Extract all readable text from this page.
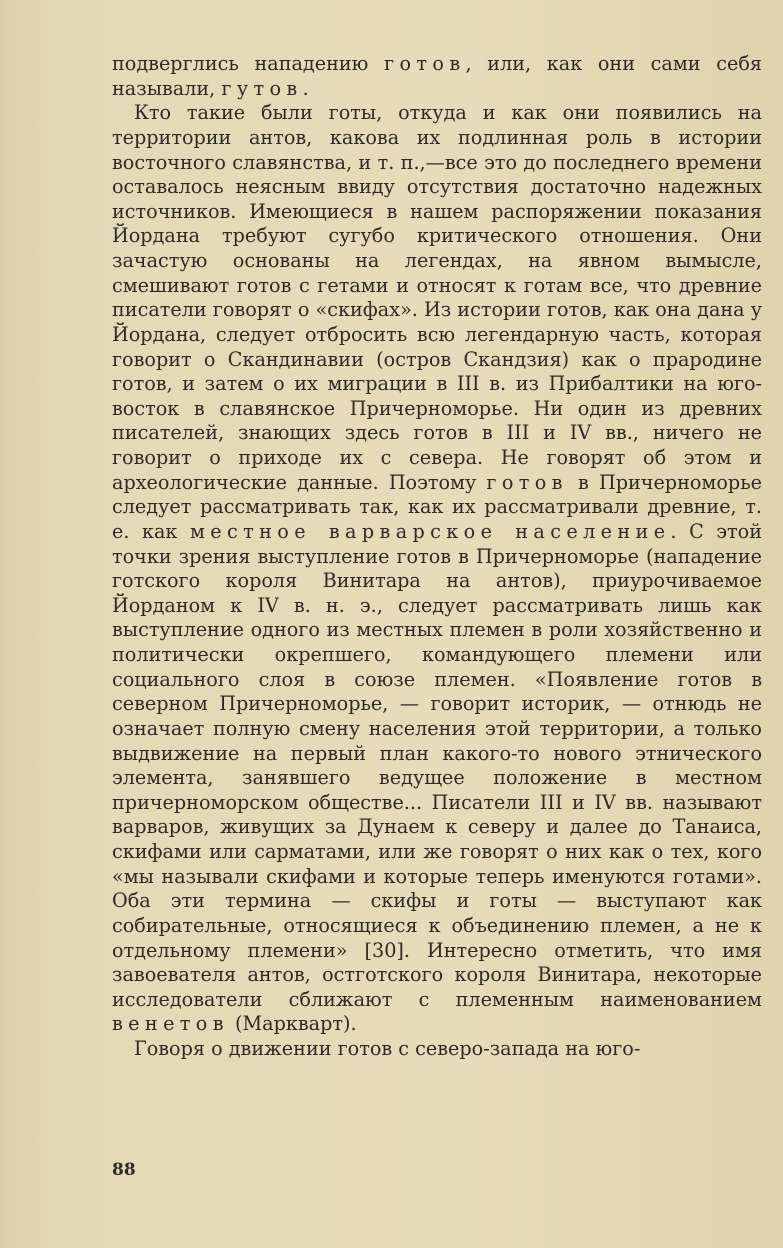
подверглись нападению готов, или, как они сами себя называли, гутов.

Кто такие были готы, откуда и как они появились на территории антов, какова их подлинная роль в истории восточного славянства, и т. п.,—все это до последнего времени оставалось неясным ввиду отсутствия достаточно надежных источников. Имеющиеся в нашем распоряжении показания Йордана требуют сугубо критического отношения. Они зачастую основаны на легендах, на явном вымысле, смешивают готов с гетами и относят к готам все, что древние писатели говорят о «скифах». Из истории готов, как она дана у Йордана, следует отбросить всю легендарную часть, которая говорит о Скандинавии (остров Скандзия) как о прародине готов, и затем о их миграции в III в. из Прибалтики на юго-восток в славянское Причерноморье. Ни один из древних писателей, знающих здесь готов в III и IV вв., ничего не говорит о приходе их с севера. Не говорят об этом и археологические данные. Поэтому готов в Причерноморье следует рассматривать так, как их рассматривали древние, т. е. как местное варварское население. С этой точки зрения выступление готов в Причерноморье (нападение готского короля Винитара на антов), приурочиваемое Йорданом к IV в. н. э., следует рассматривать лишь как выступление одного из местных племен в роли хозяйственно и политически окрепшего, командующего племени или социального слоя в союзе племен. «Появление готов в северном Причерноморье, — говорит историк, — отнюдь не означает полную смену населения этой территории, а только выдвижение на первый план какого-то нового этнического элемента, занявшего ведущее положение в местном причерноморском обществе... Писатели III и IV вв. называют варваров, живущих за Дунаем к северу и далее до Танаиса, скифами или сарматами, или же говорят о них как о тех, кого «мы называли скифами и которые теперь именуются готами». Оба эти термина — скифы и готы — выступают как собирательные, относящиеся к объединению племен, а не к отдельному племени» [30]. Интересно отметить, что имя завоевателя антов, остготского короля Винитара, некоторые исследователи сближают с племенным наименованием венетов (Маркварт).

Говоря о движении готов с северо-запада на юго-

88
